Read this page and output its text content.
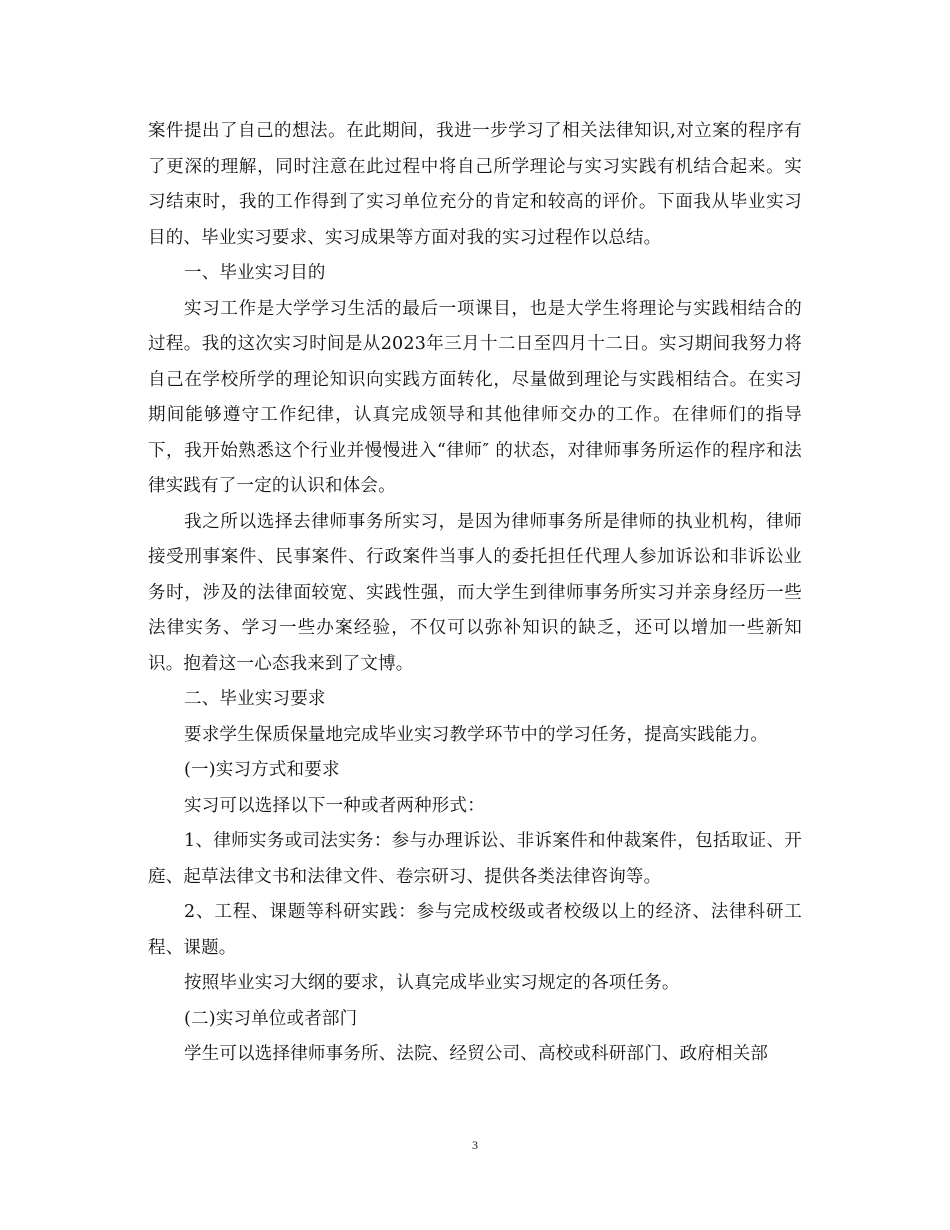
案件提出了自己的想法。在此期间，我进一步学习了相关法律知识,对立案的程序有了更深的理解，同时注意在此过程中将自己所学理论与实习实践有机结合起来。实习结束时，我的工作得到了实习单位充分的肯定和较高的评价。下面我从毕业实习目的、毕业实习要求、实习成果等方面对我的实习过程作以总结。

一、毕业实习目的

实习工作是大学学习生活的最后一项课目，也是大学生将理论与实践相结合的过程。我的这次实习时间是从2023年三月十二日至四月十二日。实习期间我努力将自己在学校所学的理论知识向实践方面转化，尽量做到理论与实践相结合。在实习期间能够遵守工作纪律，认真完成领导和其他律师交办的工作。在律师们的指导下，我开始熟悉这个行业并慢慢进入“律师″ 的状态，对律师事务所运作的程序和法律实践有了一定的认识和体会。

我之所以选择去律师事务所实习，是因为律师事务所是律师的执业机构，律师接受刑事案件、民事案件、行政案件当事人的委托担任代理人参加诉讼和非诉讼业务时，涉及的法律面较宽、实践性强，而大学生到律师事务所实习并亲身经历一些法律实务、学习一些办案经验，不仅可以弥补知识的缺乏，还可以增加一些新知识。抱着这一心态我来到了文博。

二、毕业实习要求

要求学生保质保量地完成毕业实习教学环节中的学习任务，提高实践能力。

(一)实习方式和要求

实习可以选择以下一种或者两种形式：

1、律师实务或司法实务：参与办理诉讼、非诉案件和仲裁案件，包括取证、开庭、起草法律文书和法律文件、卷宗研习、提供各类法律咨询等。

2、工程、课题等科研实践：参与完成校级或者校级以上的经济、法律科研工程、课题。

按照毕业实习大纲的要求，认真完成毕业实习规定的各项任务。

(二)实习单位或者部门

学生可以选择律师事务所、法院、经贸公司、高校或科研部门、政府相关部

3
